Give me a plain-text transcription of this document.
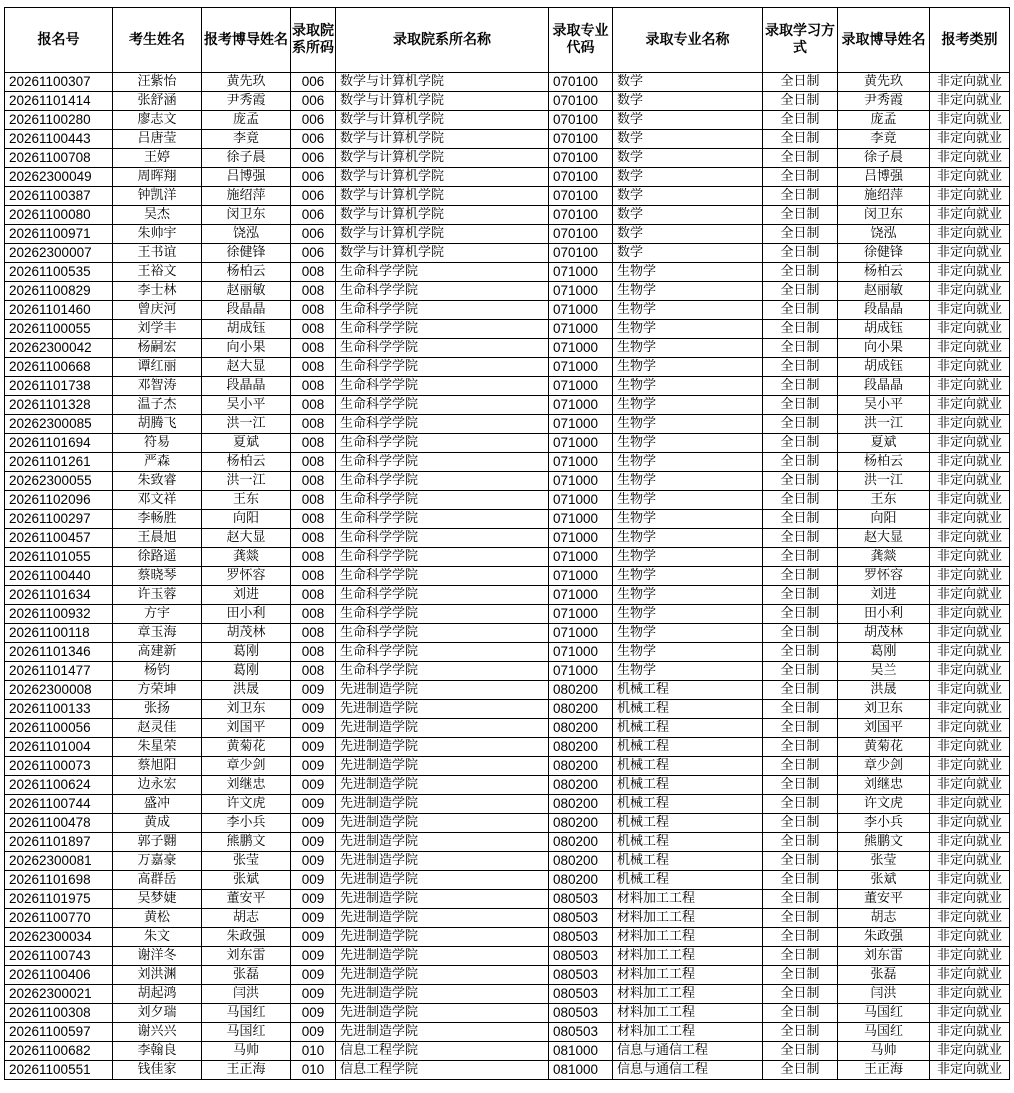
报名号	考生姓名	报考博导姓名	录取院系所码	录取院系所名称	录取专业代码	录取专业名称	录取学习方式	录取博导姓名	报考类别
20261100307	汪紫怡	黄先玖	006	数学与计算机学院	070100	数学	全日制	黄先玖	非定向就业
20261101414	张舒涵	尹秀霞	006	数学与计算机学院	070100	数学	全日制	尹秀霞	非定向就业
20261100280	廖志文	庞孟	006	数学与计算机学院	070100	数学	全日制	庞孟	非定向就业
20261100443	吕唐莹	李竟	006	数学与计算机学院	070100	数学	全日制	李竟	非定向就业
20261100708	王婷	徐子晨	006	数学与计算机学院	070100	数学	全日制	徐子晨	非定向就业
20262300049	周晖翔	吕博强	006	数学与计算机学院	070100	数学	全日制	吕博强	非定向就业
20261100387	钟凯洋	施绍萍	006	数学与计算机学院	070100	数学	全日制	施绍萍	非定向就业
20261100080	吴杰	闵卫东	006	数学与计算机学院	070100	数学	全日制	闵卫东	非定向就业
20261100971	朱帅宇	饶泓	006	数学与计算机学院	070100	数学	全日制	饶泓	非定向就业
20262300007	王书谊	徐健锋	006	数学与计算机学院	070100	数学	全日制	徐健锋	非定向就业
20261100535	王裕文	杨柏云	008	生命科学学院	071000	生物学	全日制	杨柏云	非定向就业
20261100829	李士林	赵丽敏	008	生命科学学院	071000	生物学	全日制	赵丽敏	非定向就业
20261101460	曾庆河	段晶晶	008	生命科学学院	071000	生物学	全日制	段晶晶	非定向就业
20261100055	刘学丰	胡成钰	008	生命科学学院	071000	生物学	全日制	胡成钰	非定向就业
20262300042	杨嗣宏	向小果	008	生命科学学院	071000	生物学	全日制	向小果	非定向就业
20261100668	谭红丽	赵大显	008	生命科学学院	071000	生物学	全日制	胡成钰	非定向就业
20261101738	邓智涛	段晶晶	008	生命科学学院	071000	生物学	全日制	段晶晶	非定向就业
20261101328	温子杰	吴小平	008	生命科学学院	071000	生物学	全日制	吴小平	非定向就业
20262300085	胡腾飞	洪一江	008	生命科学学院	071000	生物学	全日制	洪一江	非定向就业
20261101694	符易	夏斌	008	生命科学学院	071000	生物学	全日制	夏斌	非定向就业
20261101261	严森	杨柏云	008	生命科学学院	071000	生物学	全日制	杨柏云	非定向就业
20262300055	朱致睿	洪一江	008	生命科学学院	071000	生物学	全日制	洪一江	非定向就业
20261102096	邓文祥	王东	008	生命科学学院	071000	生物学	全日制	王东	非定向就业
20261100297	李畅胜	向阳	008	生命科学学院	071000	生物学	全日制	向阳	非定向就业
20261100457	王晨旭	赵大显	008	生命科学学院	071000	生物学	全日制	赵大显	非定向就业
20261101055	徐路遥	龚燚	008	生命科学学院	071000	生物学	全日制	龚燚	非定向就业
20261100440	蔡晓琴	罗怀容	008	生命科学学院	071000	生物学	全日制	罗怀容	非定向就业
20261101634	许玉蓉	刘进	008	生命科学学院	071000	生物学	全日制	刘进	非定向就业
20261100932	方宇	田小利	008	生命科学学院	071000	生物学	全日制	田小利	非定向就业
20261100118	章玉海	胡茂林	008	生命科学学院	071000	生物学	全日制	胡茂林	非定向就业
20261101346	高建新	葛刚	008	生命科学学院	071000	生物学	全日制	葛刚	非定向就业
20261101477	杨钧	葛刚	008	生命科学学院	071000	生物学	全日制	吴兰	非定向就业
20262300008	方荣坤	洪晟	009	先进制造学院	080200	机械工程	全日制	洪晟	非定向就业
20261100133	张扬	刘卫东	009	先进制造学院	080200	机械工程	全日制	刘卫东	非定向就业
20261100056	赵灵佳	刘国平	009	先进制造学院	080200	机械工程	全日制	刘国平	非定向就业
20261101004	朱星荣	黄菊花	009	先进制造学院	080200	机械工程	全日制	黄菊花	非定向就业
20261100073	蔡旭阳	章少剑	009	先进制造学院	080200	机械工程	全日制	章少剑	非定向就业
20261100624	边永宏	刘继忠	009	先进制造学院	080200	机械工程	全日制	刘继忠	非定向就业
20261100744	盛冲	许文虎	009	先进制造学院	080200	机械工程	全日制	许文虎	非定向就业
20261100478	黄成	李小兵	009	先进制造学院	080200	机械工程	全日制	李小兵	非定向就业
20261101897	郭子翾	熊鹏文	009	先进制造学院	080200	机械工程	全日制	熊鹏文	非定向就业
20262300081	万嘉豪	张莹	009	先进制造学院	080200	机械工程	全日制	张莹	非定向就业
20261101698	高群岳	张斌	009	先进制造学院	080200	机械工程	全日制	张斌	非定向就业
20261101975	吴梦婕	董安平	009	先进制造学院	080503	材料加工工程	全日制	董安平	非定向就业
20261100770	黄松	胡志	009	先进制造学院	080503	材料加工工程	全日制	胡志	非定向就业
20262300034	朱文	朱政强	009	先进制造学院	080503	材料加工工程	全日制	朱政强	非定向就业
20261100743	谢洋冬	刘东雷	009	先进制造学院	080503	材料加工工程	全日制	刘东雷	非定向就业
20261100406	刘洪渊	张磊	009	先进制造学院	080503	材料加工工程	全日制	张磊	非定向就业
20262300021	胡起鸿	闫洪	009	先进制造学院	080503	材料加工工程	全日制	闫洪	非定向就业
20261100308	刘夕瑞	马国红	009	先进制造学院	080503	材料加工工程	全日制	马国红	非定向就业
20261100597	谢兴兴	马国红	009	先进制造学院	080503	材料加工工程	全日制	马国红	非定向就业
20261100682	李翰良	马帅	010	信息工程学院	081000	信息与通信工程	全日制	马帅	非定向就业
20261100551	钱佳家	王正海	010	信息工程学院	081000	信息与通信工程	全日制	王正海	非定向就业
